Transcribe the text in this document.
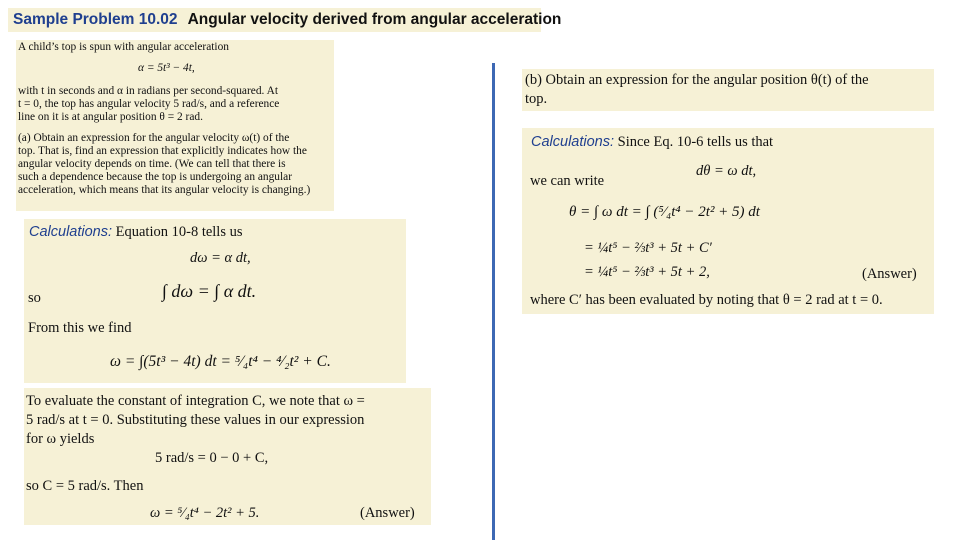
Sample Problem 10.02 Angular velocity derived from angular acceleration
A child’s top is spun with angular acceleration
α = 5t³ − 4t,
with t in seconds and α in radians per second-squared. At
t = 0, the top has angular velocity 5 rad/s, and a reference
line on it is at angular position θ = 2 rad.
(a) Obtain an expression for the angular velocity ω(t) of the
top. That is, find an expression that explicitly indicates how the
angular velocity depends on time. (We can tell that there is
such a dependence because the top is undergoing an angular
acceleration, which means that its angular velocity is changing.)
Calculations: Equation 10-8 tells us
dω = α dt,
so	∫ dω = ∫ α dt.
From this we find
ω = ∫(5t³ − 4t) dt = ⁵⁄₄t⁴ − ⁴⁄₂t² + C.
To evaluate the constant of integration C, we note that ω =
5 rad/s at t = 0. Substituting these values in our expression
for ω yields
5 rad/s = 0 − 0 + C,
so C = 5 rad/s. Then
ω = ⁵⁄₄t⁴ − 2t² + 5.	(Answer)
(b) Obtain an expression for the angular position θ(t) of the
top.
Calculations: Since Eq. 10-6 tells us that
dθ = ω dt,
we can write
θ = ∫ ω dt = ∫ (⁵⁄₄t⁴ − 2t² + 5) dt
= ¼t⁵ − ⅔t³ + 5t + C′
= ¼t⁵ − ⅔t³ + 5t + 2,	(Answer)
where C′ has been evaluated by noting that θ = 2 rad at t = 0.
